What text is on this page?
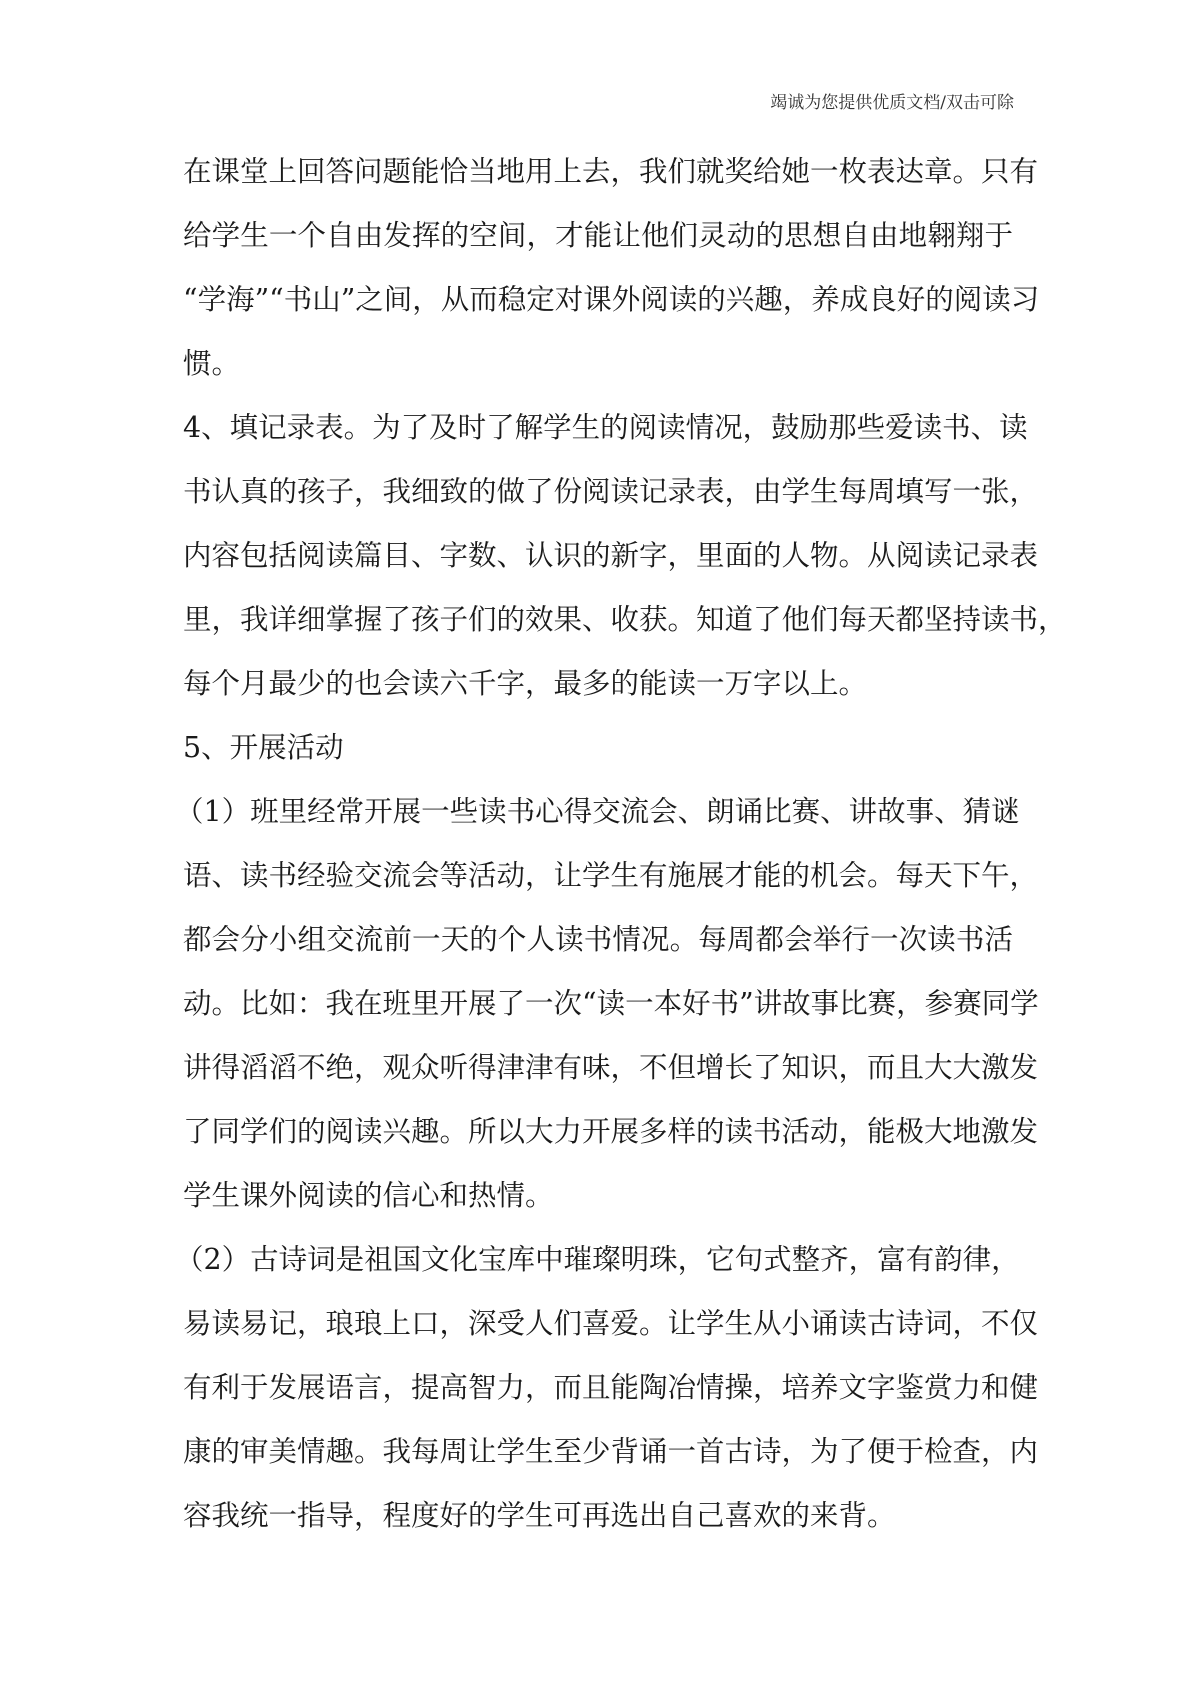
竭诚为您提供优质文档/双击可除
在课堂上回答问题能恰当地用上去，我们就奖给她一枚表达章。只有
给学生一个自由发挥的空间，才能让他们灵动的思想自由地翱翔于
“学海”“书山”之间，从而稳定对课外阅读的兴趣，养成良好的阅读习
惯。
4、填记录表。为了及时了解学生的阅读情况，鼓励那些爱读书、读
书认真的孩子，我细致的做了份阅读记录表，由学生每周填写一张，
内容包括阅读篇目、字数、认识的新字，里面的人物。从阅读记录表
里，我详细掌握了孩子们的效果、收获。知道了他们每天都坚持读书，
每个月最少的也会读六千字，最多的能读一万字以上。
5、开展活动
（1）班里经常开展一些读书心得交流会、朗诵比赛、讲故事、猜谜
语、读书经验交流会等活动，让学生有施展才能的机会。每天下午，
都会分小组交流前一天的个人读书情况。每周都会举行一次读书活
动。比如：我在班里开展了一次“读一本好书”讲故事比赛，参赛同学
讲得滔滔不绝，观众听得津津有味，不但增长了知识，而且大大激发
了同学们的阅读兴趣。所以大力开展多样的读书活动，能极大地激发
学生课外阅读的信心和热情。
（2）古诗词是祖国文化宝库中璀璨明珠，它句式整齐，富有韵律，
易读易记，琅琅上口，深受人们喜爱。让学生从小诵读古诗词，不仅
有利于发展语言，提高智力，而且能陶冶情操，培养文字鉴赏力和健
康的审美情趣。我每周让学生至少背诵一首古诗，为了便于检查，内
容我统一指导，程度好的学生可再选出自己喜欢的来背。
